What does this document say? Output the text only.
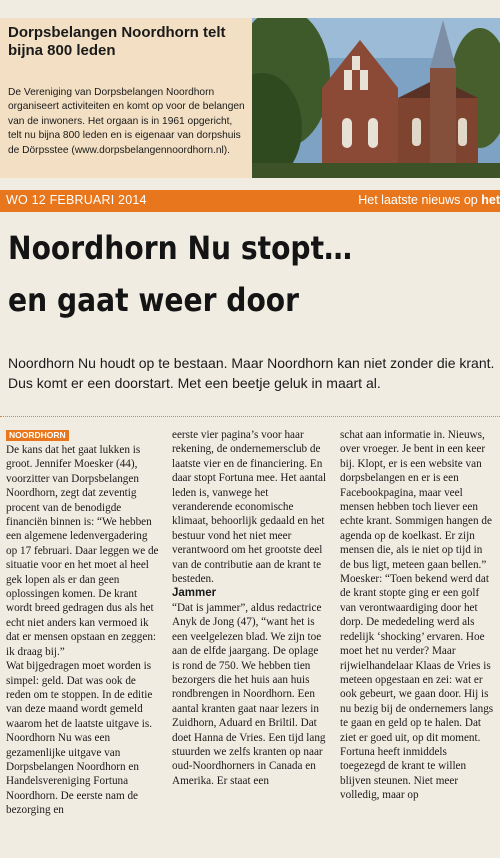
Dorpsbelangen Noordhorn telt bijna 800 leden
De Vereniging van Dorpsbelangen Noordhorn organiseert activiteiten en komt op voor de belangen van de inwoners. Het orgaan is in 1961 opgericht, telt nu bijna 800 leden en is eigenaar van dorpshuis de Dörpsstee (www.dorpsbelangennoordhorn.nl).
WO 12 FEBRUARI 2014	Het laatste nieuws op het
Noordhorn Nu stopt…
en gaat weer door
Noordhorn Nu houdt op te bestaan. Maar Noordhorn kan niet zonder die krant. Dus komt er een doorstart. Met een beetje geluk in maart al.
NOORDHORN

De kans dat het gaat lukken is groot. Jennifer Moesker (44), voorzitter van Dorpsbelangen Noordhorn, zegt dat zeventig procent van de benodigde financiën binnen is: “We hebben een algemene ledenvergadering op 17 februari. Daar leggen we de situatie voor en het moet al heel gek lopen als er dan geen oplossingen komen. De krant wordt breed gedragen dus als het echt niet anders kan vermoed ik dat er mensen opstaan en zeggen: ik draag bij.”

Wat bijgedragen moet worden is simpel: geld. Dat was ook de reden om te stoppen. In de editie van deze maand wordt gemeld waarom het de laatste uitgave is. Noordhorn Nu was een gezamenlijke uitgave van Dorpsbelangen Noordhorn en Handelsvereniging Fortuna Noordhorn. De eerste nam de bezorging en

eerste vier pagina’s voor haar rekening, de ondernemersclub de laatste vier en de financiering. En daar stopt Fortuna mee. Het aantal leden is, vanwege het veranderende economische klimaat, behoorlijk gedaald en het bestuur vond het niet meer verantwoord om het grootste deel van de contributie aan de krant te besteden.

Jammer

“Dat is jammer”, aldus redactrice Anyk de Jong (47), “want het is een veelgelezen blad. We zijn toe aan de elfde jaargang. De oplage is rond de 750. We hebben tien bezorgers die het huis aan huis rondbrengen in Noordhorn. Een aantal kranten gaat naar lezers in Zuidhorn, Aduard en Briltil. Dat doet Hanna de Vries. Een tijd lang stuurden we zelfs kranten op naar oud-Noordhorners in Canada en Amerika. Er staat een

schat aan informatie in. Nieuws, over vroeger. Je bent in een keer bij. Klopt, er is een website van dorpsbelangen en er is een Facebookpagina, maar veel mensen hebben toch liever een echte krant. Sommigen hangen de agenda op de koelkast. Er zijn mensen die, als ie niet op tijd in de bus ligt, meteen gaan bellen.”

Moesker: “Toen bekend werd dat de krant stopte ging er een golf van verontwaardiging door het dorp. De mededeling werd als redelijk ‘shocking’ ervaren. Hoe moet het nu verder? Maar rijwielhandelaar Klaas de Vries is meteen opgestaan en zei: wat er ook gebeurt, we gaan door. Hij is nu bezig bij de ondernemers langs te gaan en geld op te halen. Dat ziet er goed uit, op dit moment. Fortuna heeft inmiddels toegezegd de krant te willen blijven steunen. Niet meer volledig, maar op
